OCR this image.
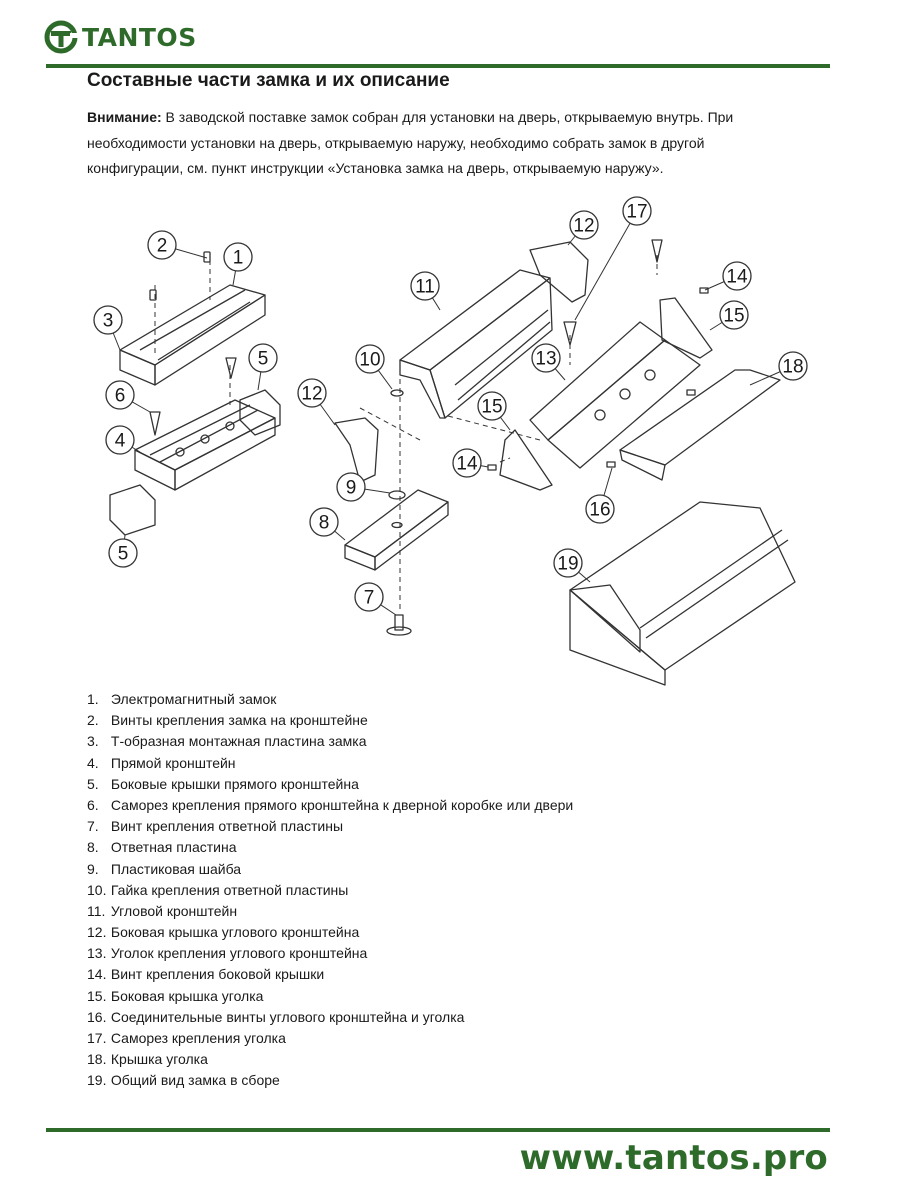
TANTOS
Составные части замка и их описание

Внимание: В заводской поставке замок собран для установки на дверь, открываемую внутрь. При необходимости установки на дверь, открываемую наружу, необходимо собрать замок в другой конфигурации, см. пункт инструкции «Установка замка на дверь, открываемую наружу».

1
2
3
4
5
5
6
7
8
9
10
11
12
12
13
14
14
15
15
16
17
18
19
1. Электромагнитный замок
2. Винты крепления замка на кронштейне
3. Т-образная монтажная пластина замка
4. Прямой кронштейн
5. Боковые крышки прямого кронштейна
6. Саморез крепления прямого кронштейна к дверной коробке или двери
7. Винт крепления ответной пластины
8. Ответная пластина
9. Пластиковая шайба
10. Гайка крепления ответной пластины
11. Угловой кронштейн
12. Боковая крышка углового кронштейна
13. Уголок крепления углового кронштейна
14. Винт крепления боковой крышки
15. Боковая крышка уголка
16. Соединительные винты углового кронштейна и уголка
17. Саморез крепления уголка
18. Крышка уголка
19. Общий вид замка в сборе
www.tantos.pro
